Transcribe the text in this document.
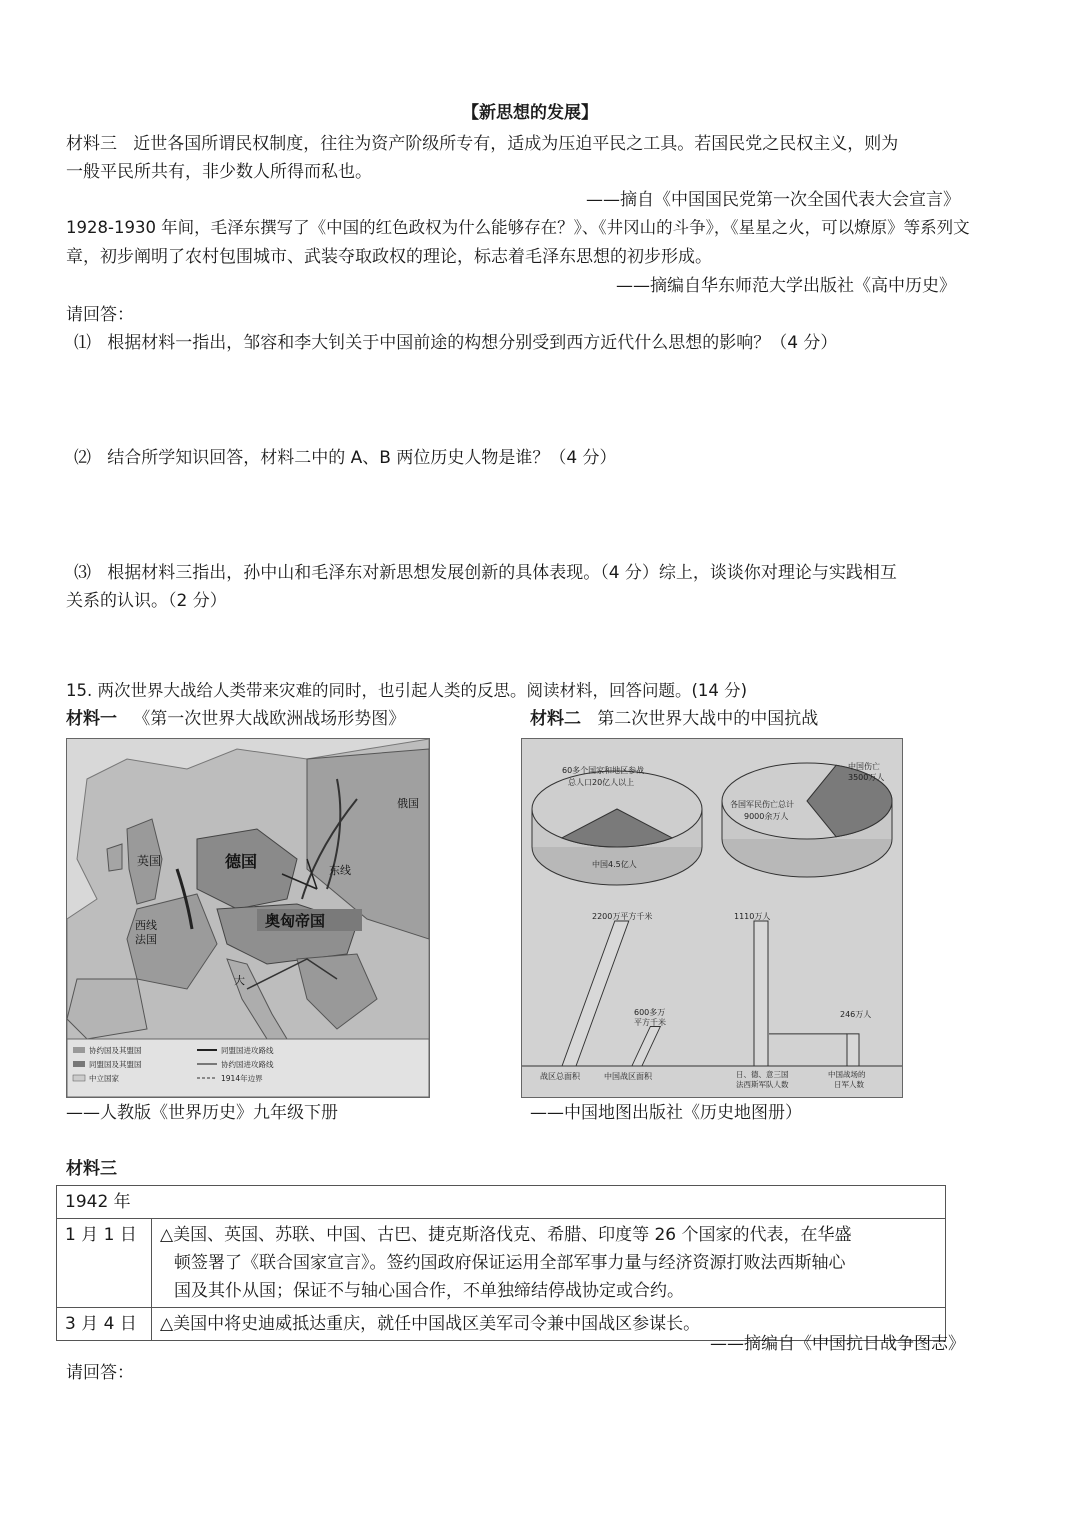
【新思想的发展】
材料三 近世各国所谓民权制度，往往为资产阶级所专有，适成为压迫平民之工具。若国民党之民权主义，则为
一般平民所共有，非少数人所得而私也。
——摘自《中国国民党第一次全国代表大会宣言》
1928-1930 年间，毛泽东撰写了《中国的红色政权为什么能够存在？》、《井冈山的斗争》，《星星之火，可以燎原》等系列文
章，初步阐明了农村包围城市、武装夺取政权的理论，标志着毛泽东思想的初步形成。
——摘编自华东师范大学出版社《高中历史》
请回答：
⑴ 根据材料一指出，邹容和李大钊关于中国前途的构想分别受到西方近代什么思想的影响？（4 分）
⑵ 结合所学知识回答，材料二中的 A、B 两位历史人物是谁？（4 分）
⑶ 根据材料三指出，孙中山和毛泽东对新思想发展创新的具体表现。（4 分）综上，谈谈你对理论与实践相互
关系的认识。（2 分）
15. 两次世界大战给人类带来灾难的同时，也引起人类的反思。阅读材料，回答问题。(14 分)
材料一 《第一次世界大战欧洲战场形势图》	材料二 第二次世界大战中的中国抗战
英国
俄国
德国	东线
西线
法国
奥匈帝国
大
协约国及其盟国
同盟国及其盟国
中立国家
同盟国进攻路线
协约国进攻路线
1914年边界
60多个国家和地区参战
总人口20亿人以上
中国4.5亿人
中国伤亡
3500万人
各国军民伤亡总计
9000余万人
2200万平方千米
600多万
平方千米
战区总面积	中国战区面积
1110万人
246万人
日、德、意三国
法西斯军队人数
中国战场的
日军人数
——人教版《世界历史》九年级下册	——中国地图出版社《历史地图册）
材料三
1942 年	
1 月 1 日	△美国、英国、苏联、中国、古巴、捷克斯洛伐克、希腊、印度等 26 个国家的代表，在华盛
顿签署了《联合国家宣言》。签约国政府保证运用全部军事力量与经济资源打败法西斯轴心
国及其仆从国；保证不与轴心国合作，不单独缔结停战协定或合约。

3 月 4 日	△美国中将史迪威抵达重庆，就任中国战区美军司令兼中国战区参谋长。
——摘编自《中国抗日战争图志》
请回答：
